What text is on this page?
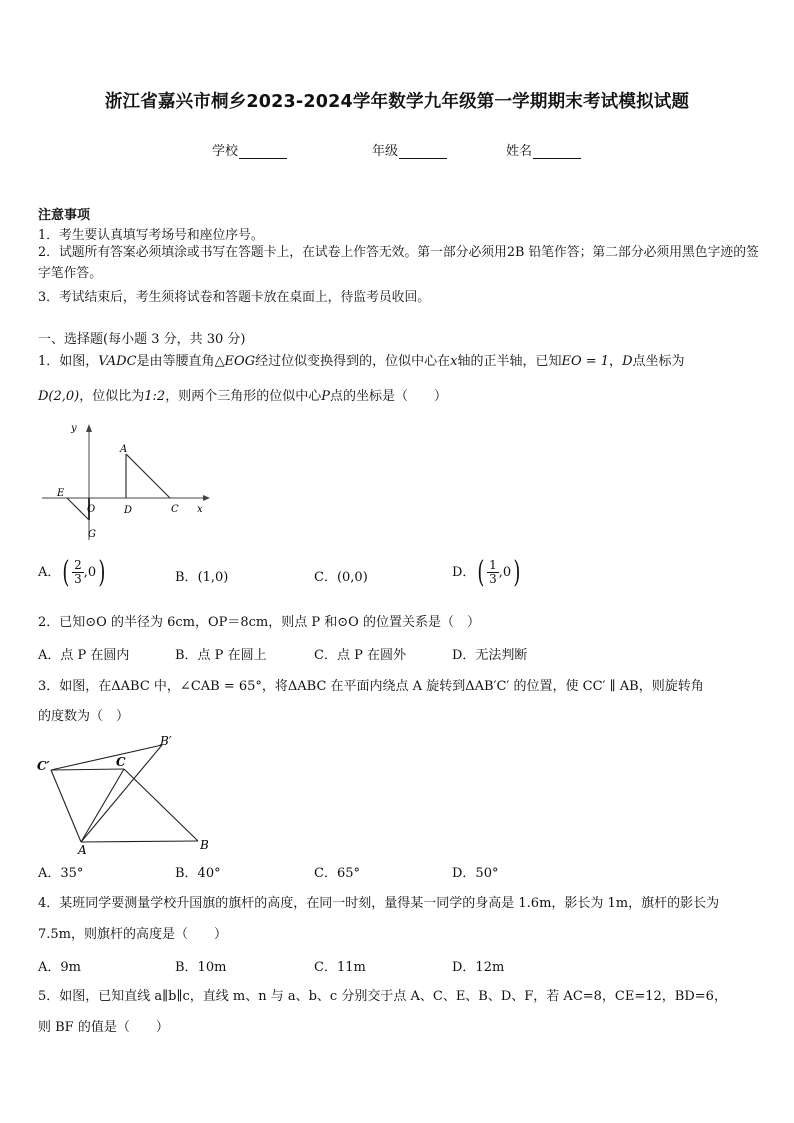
浙江省嘉兴市桐乡2023-2024学年数学九年级第一学期期末考试模拟试题
学校	年级	姓名
注意事项
1．考生要认真填写考场号和座位序号。
2．试题所有答案必须填涂或书写在答题卡上，在试卷上作答无效。第一部分必须用2B 铅笔作答；第二部分必须用黑色字迹的签字笔作答。
3．考试结束后，考生须将试卷和答题卡放在桌面上，待监考员收回。
一、选择题(每小题 3 分，共 30 分)
1．如图，VADC是由等腰直角△EOG经过位似变换得到的，位似中心在x轴的正半轴，已知EO = 1，D点坐标为
D(2,0)，位似比为1:2，则两个三角形的位似中心P点的坐标是（　　）
y
x
A
E
O	D	C
G
A．( $\frac{2}{3} ,0$)	B．(1,0)	C．(0,0)	D．( $\frac{1}{3} ,0$)
2．已知⊙O 的半径为 6cm，OP＝8cm，则点 P 和⊙O 的位置关系是（　）
A．点 P 在圆内	B．点 P 在圆上	C．点 P 在圆外	D．无法判断
3．如图，在ΔABC 中，∠CAB = 65°，将ΔABC 在平面内绕点 A 旋转到ΔAB′C′ 的位置，使 CC′ ∥ AB，则旋转角
的度数为（　）
C′	C
B′
A	B
A．35°	B．40°	C．65°	D．50°
4．某班同学要测量学校升国旗的旗杆的高度，在同一时刻，量得某一同学的身高是 1.6m，影长为 1m，旗杆的影长为
7.5m，则旗杆的高度是（　　）
A．9m	B．10m	C．11m	D．12m
5．如图，已知直线 a∥b∥c，直线 m、n 与 a、b、c 分别交于点 A、C、E、B、D、F，若 AC=8，CE=12，BD=6，
则 BF 的值是（　　）
